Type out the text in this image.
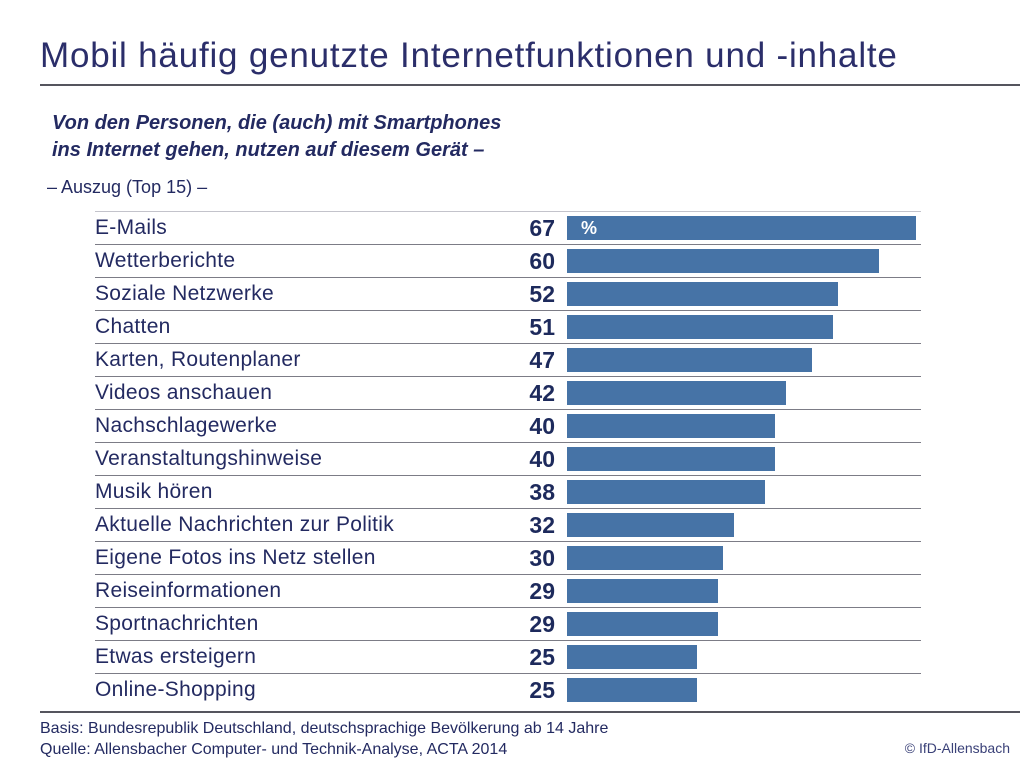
Mobil häufig genutzte Internetfunktionen und -inhalte
Von den Personen, die (auch) mit Smartphones
ins Internet gehen, nutzen auf diesem Gerät –
– Auszug (Top 15) –
E-Mails	67	%
Wetterberichte	60
Soziale Netzwerke	52
Chatten	51
Karten, Routenplaner	47
Videos anschauen	42
Nachschlagewerke	40
Veranstaltungshinweise	40
Musik hören	38
Aktuelle Nachrichten zur Politik	32
Eigene Fotos ins Netz stellen	30
Reiseinformationen	29
Sportnachrichten	29
Etwas ersteigern	25
Online-Shopping	25
Basis: Bundesrepublik Deutschland, deutschsprachige Bevölkerung ab 14 Jahre
Quelle: Allensbacher Computer- und Technik-Analyse, ACTA 2014	© IfD-Allensbach
